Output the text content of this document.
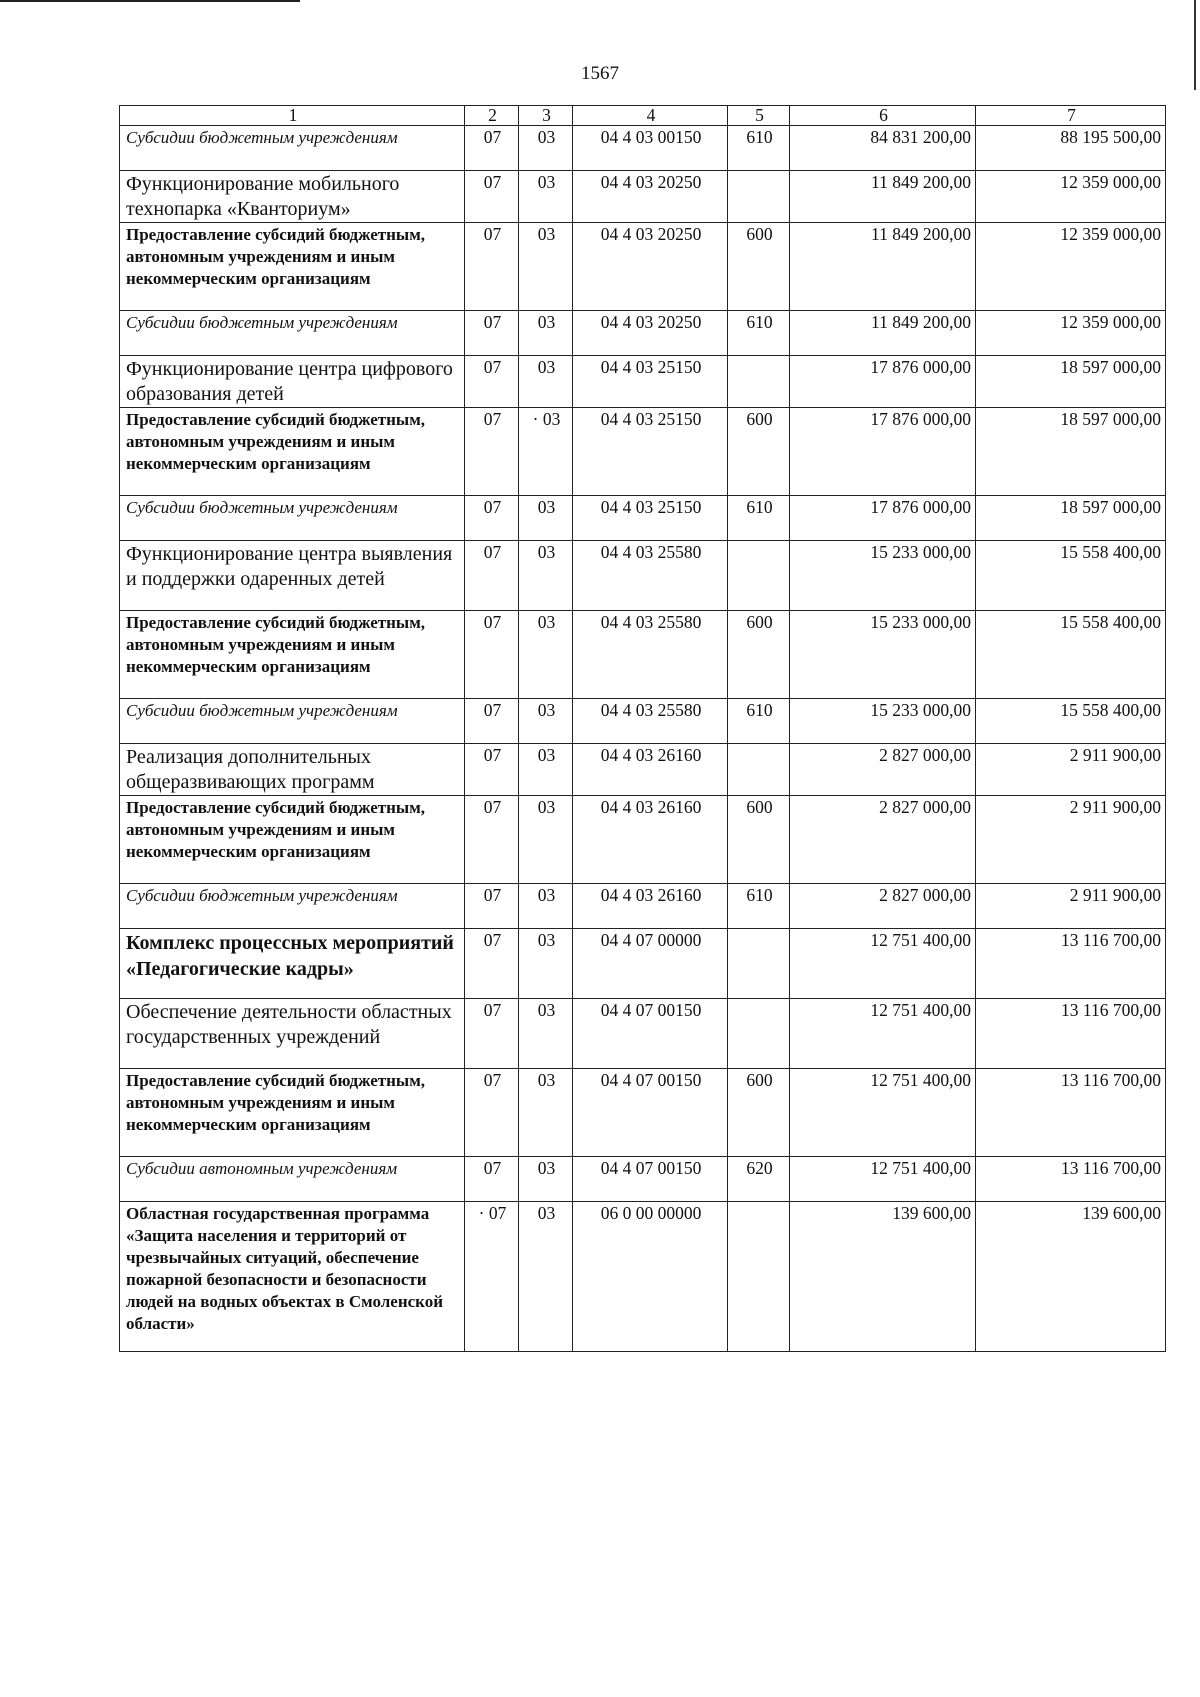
1567
1	2	3	4	5	6	7
Субсидии бюджетным учреждениям	07	03	04 4 03 00150	610	84 831 200,00	88 195 500,00
Функционирование мобильного технопарка «Кванториум»	07	03	04 4 03 20250		11 849 200,00	12 359 000,00
Предоставление субсидий бюджетным, автономным учреждениям и иным некоммерческим организациям	07	03	04 4 03 20250	600	11 849 200,00	12 359 000,00
Субсидии бюджетным учреждениям	07	03	04 4 03 20250	610	11 849 200,00	12 359 000,00
Функционирование центра цифрового образования детей	07	03	04 4 03 25150		17 876 000,00	18 597 000,00
Предоставление субсидий бюджетным, автономным учреждениям и иным некоммерческим организациям	07	· 03	04 4 03 25150	600	17 876 000,00	18 597 000,00
Субсидии бюджетным учреждениям	07	03	04 4 03 25150	610	17 876 000,00	18 597 000,00
Функционирование центра выявления и поддержки одаренных детей	07	03	04 4 03 25580		15 233 000,00	15 558 400,00
Предоставление субсидий бюджетным, автономным учреждениям и иным некоммерческим организациям	07	03	04 4 03 25580	600	15 233 000,00	15 558 400,00
Субсидии бюджетным учреждениям	07	03	04 4 03 25580	610	15 233 000,00	15 558 400,00
Реализация дополнительных общеразвивающих программ	07	03	04 4 03 26160		2 827 000,00	2 911 900,00
Предоставление субсидий бюджетным, автономным учреждениям и иным некоммерческим организациям	07	03	04 4 03 26160	600	2 827 000,00	2 911 900,00
Субсидии бюджетным учреждениям	07	03	04 4 03 26160	610	2 827 000,00	2 911 900,00
Комплекс процессных мероприятий «Педагогические кадры»	07	03	04 4 07 00000		12 751 400,00	13 116 700,00
Обеспечение деятельности областных государственных учреждений	07	03	04 4 07 00150		12 751 400,00	13 116 700,00
Предоставление субсидий бюджетным, автономным учреждениям и иным некоммерческим организациям	07	03	04 4 07 00150	600	12 751 400,00	13 116 700,00
Субсидии автономным учреждениям	07	03	04 4 07 00150	620	12 751 400,00	13 116 700,00
Областная государственная программа «Защита населения и территорий от чрезвычайных ситуаций, обеспечение пожарной безопасности и безопасности людей на водных объектах в Смоленской области»	· 07	03	06 0 00 00000		139 600,00	139 600,00
